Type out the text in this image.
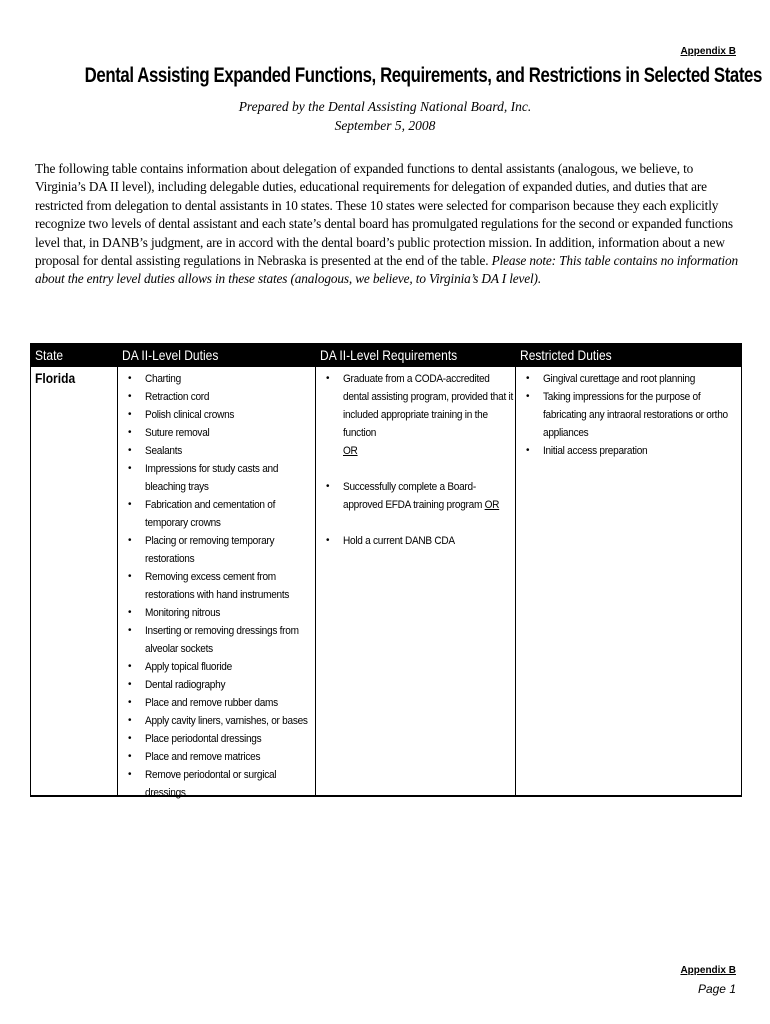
Appendix B
Dental Assisting Expanded Functions, Requirements, and Restrictions in Selected States
Prepared by the Dental Assisting National Board, Inc.
September 5, 2008
The following table contains information about delegation of expanded functions to dental assistants (analogous, we believe, to Virginia’s DA II level), including delegable duties, educational requirements for delegation of expanded duties, and duties that are restricted from delegation to dental assistants in 10 states. These 10 states were selected for comparison because they each explicitly recognize two levels of dental assistant and each state’s dental board has promulgated regulations for the second or expanded functions level that, in DANB’s judgment, are in accord with the dental board’s public protection mission. In addition, information about a new proposal for dental assisting regulations in Nebraska is presented at the end of the table. Please note: This table contains no information about the entry level duties allows in these states (analogous, we believe, to Virginia’s DA I level).
State	DA II-Level Duties	DA II-Level Requirements	Restricted Duties
Florida
•	Charting
• Retraction cord
• Polish clinical crowns
• Suture removal
• Sealants
• Impressions for study casts and bleaching trays
• Fabrication and cementation of temporary crowns
• Placing or removing temporary restorations
• Removing excess cement from restorations with hand instruments
• Monitoring nitrous
• Inserting or removing dressings from alveolar sockets
• Apply topical fluoride
• Dental radiography
• Place and remove rubber dams
• Apply cavity liners, varnishes, or bases
• Place periodontal dressings
• Place and remove matrices
• Remove periodontal or surgical dressings
• Graduate from a CODA-accredited dental assisting program, provided that it included appropriate training in the function
OR
• Successfully complete a Board-approved EFDA training program OR
• Hold a current DANB CDA
• Gingival curettage and root planning
• Taking impressions for the purpose of fabricating any intraoral restorations or ortho appliances
• Initial access preparation
Appendix B
Page 1
